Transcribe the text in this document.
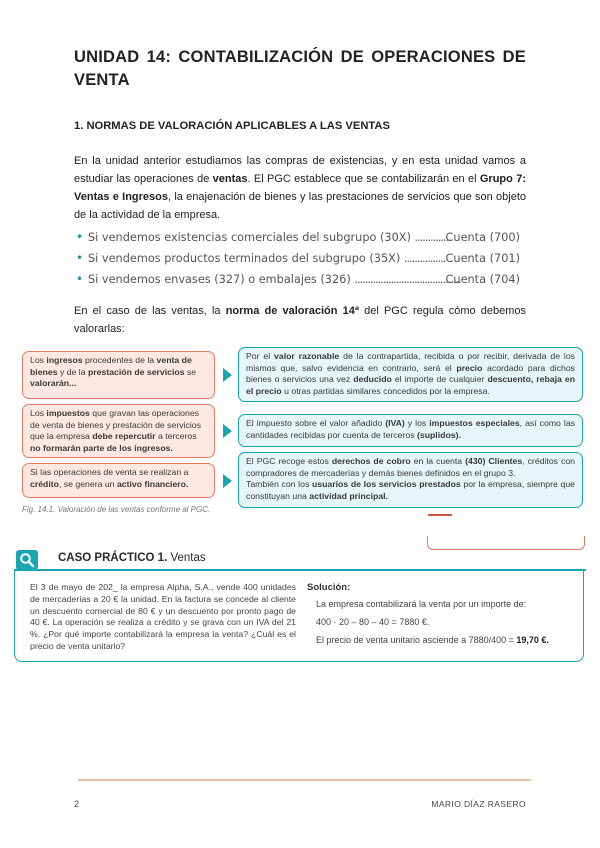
UNIDAD 14: CONTABILIZACIÓN DE OPERACIONES DE VENTA
1. NORMAS DE VALORACIÓN APLICABLES A LAS VENTAS
En la unidad anterior estudiamos las compras de existencias, y en esta unidad vamos a estudiar las operaciones de ventas. El PGC establece que se contabilizarán en el Grupo 7: Ventas e Ingresos, la enajenación de bienes y las prestaciones de servicios que son objeto de la actividad de la empresa.
• Si vendemos existencias comerciales del subgrupo (30X) ..............
Cuenta (700)
• Si vendemos productos terminados del subgrupo (35X) ................ Cuenta (701)
• Si vendemos envases (327) o embalajes (326) .........................................
Cuenta (704)
En el caso de las ventas, la norma de valoración 14ª del PGC regula cómo debemos valorarlas:
Los ingresos procedentes de la venta de bienes y de la prestación de servicios se valorarán...
Por el valor razonable de la contrapartida, recibida o por recibir, derivada de los mismos que, salvo evidencia en contrario, será el precio acordado para dichos bienes o servicios una vez deducido el importe de cualquier descuento, rebaja en el precio u otras partidas similares concedidos por la empresa.
Los impuestos que gravan las operaciones de venta de bienes y prestación de servicios que la empresa debe repercutir a terceros no formarán parte de los ingresos.
El impuesto sobre el valor añadido (IVA) y los impuestos especiales, así como las cantidades recibidas por cuenta de terceros (suplidos).
Si las operaciones de venta se realizan a crédito, se genera un activo financiero.
El PGC recoge estos derechos de cobro en la cuenta (430) Clientes, créditos con compradores de mercaderías y demás bienes definidos en el grupo 3.
También con los usuarios de los servicios prestados por la empresa, siempre que constituyan una actividad principal.
Fig. 14.1. Valoración de las ventas conforme al PGC.
CASO PRÁCTICO 1. Ventas
El 3 de mayo de 202_ la empresa Alpha, S.A., vende 400 unidades de mercaderías a 20 € la unidad. En la factura se concede al cliente un descuento comercial de 80 € y un descuento por pronto pago de 40 €. La operación se realiza a crédito y se grava con un IVA del 21 %. ¿Por qué importe contabilizará la empresa la venta? ¿Cuál es el precio de venta unitario?
Solución:
La empresa contabilizará la venta por un importe de:
400 · 20 – 80 – 40 = 7880 €.
El precio de venta unitario asciende a 7880/400 = 19,70 €.
2	MARIO DÍAZ RASERO
